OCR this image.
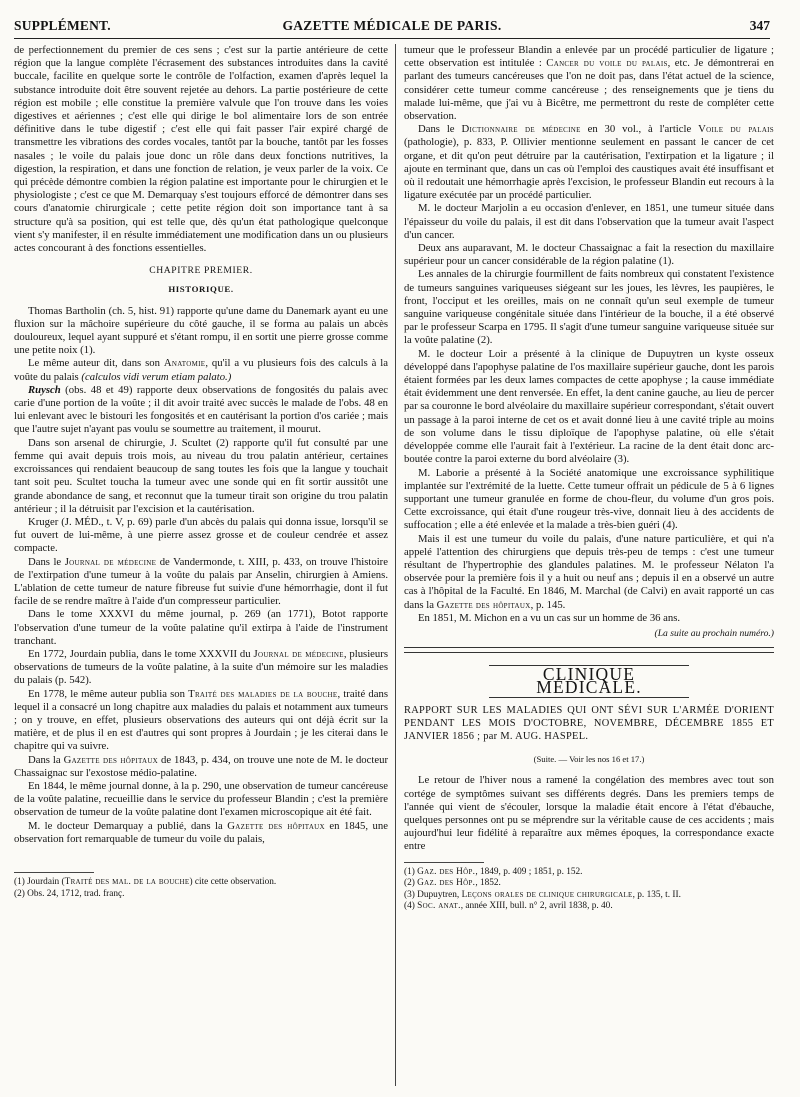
SUPPLÉMENT.	GAZETTE MÉDICALE DE PARIS.	347

de perfectionnement du premier de ces sens ; c'est sur la partie antérieure de cette région que la langue complète l'écrasement des substances introduites dans la cavité buccale, facilite en quelque sorte le contrôle de l'olfaction, examen d'après lequel la substance introduite doit être souvent rejetée au dehors. La partie postérieure de cette région est mobile ; elle constitue la première valvule que l'on trouve dans les voies digestives et aériennes ; c'est elle qui dirige le bol alimentaire lors de son entrée définitive dans le tube digestif ; c'est elle qui fait passer l'air expiré chargé de transmettre les vibrations des cordes vocales, tantôt par la bouche, tantôt par les fosses nasales ; le voile du palais joue donc un rôle dans deux fonctions nutritives, la digestion, la respiration, et dans une fonction de relation, je veux parler de la voix. Ce qui précède démontre combien la région palatine est importante pour le chirurgien et le physiologiste ; c'est ce que M. Demarquay s'est toujours efforcé de démontrer dans ses cours d'anatomie chirurgicale ; cette petite région doit son importance tant à sa structure qu'à sa position, qui est telle que, dès qu'un état pathologique quelconque vient s'y manifester, il en résulte immédiatement une modification dans un ou plusieurs actes concourant à des fonctions essentielles.

CHAPITRE PREMIER.
HISTORIQUE.

Thomas Bartholin (ch. 5, hist. 91) rapporte qu'une dame du Danemark ayant eu une fluxion sur la mâchoire supérieure du côté gauche, il se forma au palais un abcès douloureux, lequel ayant suppuré et s'étant rompu, il en sortit une pierre grosse comme une petite noix (1).

Le même auteur dit, dans son Anatomie, qu'il a vu plusieurs fois des calculs à la voûte du palais (calculos vidi verum etiam palato.)

Ruysch (obs. 48 et 49) rapporte deux observations de fongosités du palais avec carie d'une portion de la voûte ; il dit avoir traité avec succès le malade de l'obs. 48 en lui enlevant avec le bistouri les fongosités et en cautérisant la portion d'os cariée ; mais que l'autre sujet n'ayant pas voulu se soumettre au traitement, il mourut.

Dans son arsenal de chirurgie, J. Scultet (2) rapporte qu'il fut consulté par une femme qui avait depuis trois mois, au niveau du trou palatin antérieur, certaines excroissances qui rendaient beaucoup de sang toutes les fois que la langue y touchait tant soit peu. Scultet toucha la tumeur avec une sonde qui en fit sortir aussitôt une grande abondance de sang, et reconnut que la tumeur tirait son origine du trou palatin antérieur ; il la détruisit par l'excision et la cautérisation.

Kruger (J. MÉD., t. V, p. 69) parle d'un abcès du palais qui donna issue, lorsqu'il se fut ouvert de lui-même, à une pierre assez grosse et de couleur cendrée et assez compacte.

Dans le Journal de médecine de Vandermonde, t. XIII, p. 433, on trouve l'histoire de l'extirpation d'une tumeur à la voûte du palais par Anselin, chirurgien à Amiens. L'ablation de cette tumeur de nature fibreuse fut suivie d'une hémorrhagie, dont il fut facile de se rendre maître à l'aide d'un compresseur particulier.

Dans le tome XXXVI du même journal, p. 269 (an 1771), Botot rapporte l'observation d'une tumeur de la voûte palatine qu'il extirpa à l'aide de l'instrument tranchant.

En 1772, Jourdain publia, dans le tome XXXVII du Journal de médecine, plusieurs observations de tumeurs de la voûte palatine, à la suite d'un mémoire sur les maladies du palais (p. 542).

En 1778, le même auteur publia son Traité des maladies de la bouche, traité dans lequel il a consacré un long chapitre aux maladies du palais et notamment aux tumeurs ; on y trouve, en effet, plusieurs observations des auteurs qui ont déjà écrit sur la matière, et de plus il en est d'autres qui sont propres à Jourdain ; je les citerai dans le chapitre qui va suivre.

Dans la Gazette des hôpitaux de 1843, p. 434, on trouve une note de M. le docteur Chassaignac sur l'exostose médio-palatine.

En 1844, le même journal donne, à la p. 290, une observation de tumeur cancéreuse de la voûte palatine, recueillie dans le service du professeur Blandin ; c'est la première observation de tumeur de la voûte palatine dont l'examen microscopique ait été fait.

M. le docteur Demarquay a publié, dans la Gazette des hôpitaux en 1845, une observation fort remarquable de tumeur du voile du palais,

(1) Jourdain (Traité des mal. de la bouche) cite cette observation.

(2) Obs. 24, 1712, trad. franç.

tumeur que le professeur Blandin a enlevée par un procédé particulier de ligature ; cette observation est intitulée : Cancer du voile du palais, etc. Je démontrerai en parlant des tumeurs cancéreuses que l'on ne doit pas, dans l'état actuel de la science, considérer cette tumeur comme cancéreuse ; des renseignements que je tiens du malade lui-même, que j'ai vu à Bicêtre, me permettront du reste de compléter cette observation.

Dans le Dictionnaire de médecine en 30 vol., à l'article Voile du palais (pathologie), p. 833, P. Ollivier mentionne seulement en passant le cancer de cet organe, et dit qu'on peut détruire par la cautérisation, l'extirpation et la ligature ; il ajoute en terminant que, dans un cas où l'emploi des caustiques avait été insuffisant et où il redoutait une hémorrhagie après l'excision, le professeur Blandin eut recours à la ligature exécutée par un procédé particulier.

M. le docteur Marjolin a eu occasion d'enlever, en 1851, une tumeur située dans l'épaisseur du voile du palais, il est dit dans l'observation que la tumeur avait l'aspect d'un cancer.

Deux ans auparavant, M. le docteur Chassaignac a fait la resection du maxillaire supérieur pour un cancer considérable de la région palatine (1).

Les annales de la chirurgie fourmillent de faits nombreux qui constatent l'existence de tumeurs sanguines variqueuses siégeant sur les joues, les lèvres, les paupières, le front, l'occiput et les oreilles, mais on ne connaît qu'un seul exemple de tumeur sanguine variqueuse congénitale située dans l'intérieur de la bouche, il a été observé par le professeur Scarpa en 1795. Il s'agit d'une tumeur sanguine variqueuse située sur la voûte palatine (2).

M. le docteur Loir a présenté à la clinique de Dupuytren un kyste osseux développé dans l'apophyse palatine de l'os maxillaire supérieur gauche, dont les parois étaient formées par les deux lames compactes de cette apophyse ; la cause immédiate était évidemment une dent renversée. En effet, la dent canine gauche, au lieu de percer par sa couronne le bord alvéolaire du maxillaire supérieur correspondant, s'était ouvert un passage à la paroi interne de cet os et avait donné lieu à une cavité triple au moins de son volume dans le tissu diploïque de l'apophyse palatine, où elle s'était développée comme elle l'aurait fait à l'extérieur. La racine de la dent était donc arc-boutée contre la paroi externe du bord alvéolaire (3).

M. Laborie a présenté à la Société anatomique une excroissance syphilitique implantée sur l'extrémité de la luette. Cette tumeur offrait un pédicule de 5 à 6 lignes supportant une tumeur granulée en forme de chou-fleur, du volume d'un gros pois. Cette excroissance, qui était d'une rougeur très-vive, donnait lieu à des accidents de suffocation ; elle a été enlevée et la malade a très-bien guéri (4).

Mais il est une tumeur du voile du palais, d'une nature particulière, et qui n'a appelé l'attention des chirurgiens que depuis très-peu de temps : c'est une tumeur résultant de l'hypertrophie des glandules palatines. M. le professeur Nélaton l'a observée pour la première fois il y a huit ou neuf ans ; depuis il en a observé un autre cas à l'hôpital de la Faculté. En 1846, M. Marchal (de Calvi) en avait rapporté un cas dans la Gazette des hôpitaux, p. 145.

En 1851, M. Michon en a vu un cas sur un homme de 36 ans.

(La suite au prochain numéro.)
CLINIQUE MÉDICALE.
RAPPORT SUR LES MALADIES QUI ONT SÉVI SUR L'ARMÉE D'ORIENT PENDANT LES MOIS D'OCTOBRE, NOVEMBRE, DÉCEMBRE 1855 ET JANVIER 1856 ; par M. AUG. HASPEL.
(Suite. — Voir les nos 16 et 17.)

Le retour de l'hiver nous a ramené la congélation des membres avec tout son cortége de symptômes suivant ses différents degrés. Dans les premiers temps de l'année qui vient de s'écouler, lorsque la maladie était encore à l'état d'ébauche, quelques personnes ont pu se méprendre sur la véritable cause de ces accidents ; mais aujourd'hui leur fidélité à reparaître aux mêmes époques, la correspondance exacte entre

(1) Gaz. des Hôp., 1849, p. 409 ; 1851, p. 152.

(2) Gaz. des Hôp., 1852.

(3) Dupuytren, Leçons orales de clinique chirurgicale, p. 135, t. II.

(4) Soc. anat., année XIII, bull. n° 2, avril 1838, p. 40.
